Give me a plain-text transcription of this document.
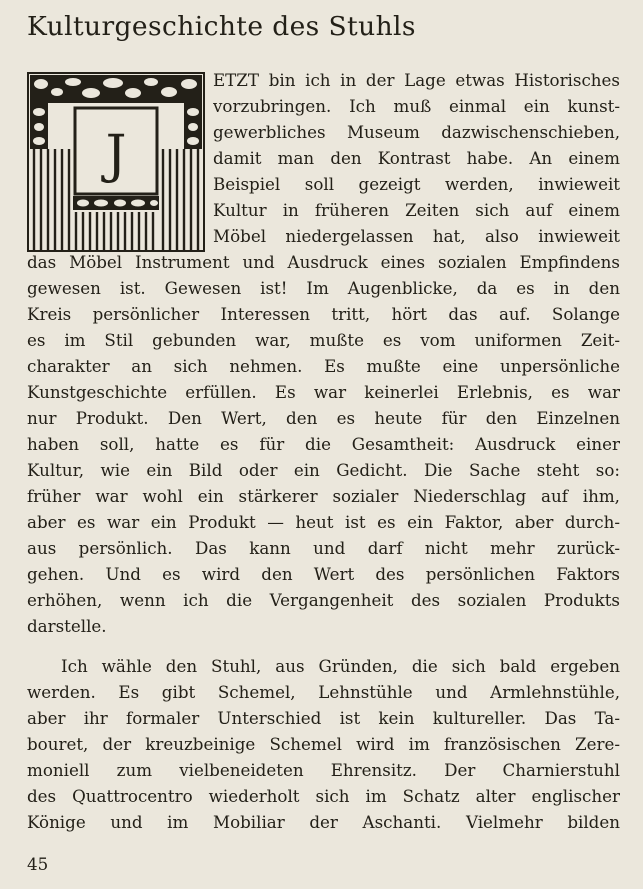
Kulturgeschichte des Stuhls
J
ETZT bin ich in der Lage etwas Historisches
vorzubringen. Ich muß einmal ein kunst-
gewerbliches Museum dazwischenschieben,
damit man den Kontrast habe. An einem
Beispiel soll gezeigt werden, inwieweit
Kultur in früheren Zeiten sich auf einem
Möbel niedergelassen hat, also inwieweit
das Möbel Instrument und Ausdruck eines sozialen Empfindens
gewesen ist. Gewesen ist! Im Augenblicke, da es in den
Kreis persönlicher Interessen tritt, hört das auf. Solange
es im Stil gebunden war, mußte es vom uniformen Zeit-
charakter an sich nehmen. Es mußte eine unpersönliche
Kunstgeschichte erfüllen. Es war keinerlei Erlebnis, es war
nur Produkt. Den Wert, den es heute für den Einzelnen
haben soll, hatte es für die Gesamtheit: Ausdruck einer
Kultur, wie ein Bild oder ein Gedicht. Die Sache steht so:
früher war wohl ein stärkerer sozialer Niederschlag auf ihm,
aber es war ein Produkt — heut ist es ein Faktor, aber durch-
aus persönlich. Das kann und darf nicht mehr zurück-
gehen. Und es wird den Wert des persönlichen Faktors
erhöhen, wenn ich die Vergangenheit des sozialen Produkts
darstelle.
Ich wähle den Stuhl, aus Gründen, die sich bald ergeben
werden. Es gibt Schemel, Lehnstühle und Armlehnstühle,
aber ihr formaler Unterschied ist kein kultureller. Das Ta-
bouret, der kreuzbeinige Schemel wird im französischen Zere-
moniell zum vielbeneideten Ehrensitz. Der Charnierstuhl
des Quattrocentro wiederholt sich im Schatz alter englischer
Könige und im Mobiliar der Aschanti. Vielmehr bilden
45
